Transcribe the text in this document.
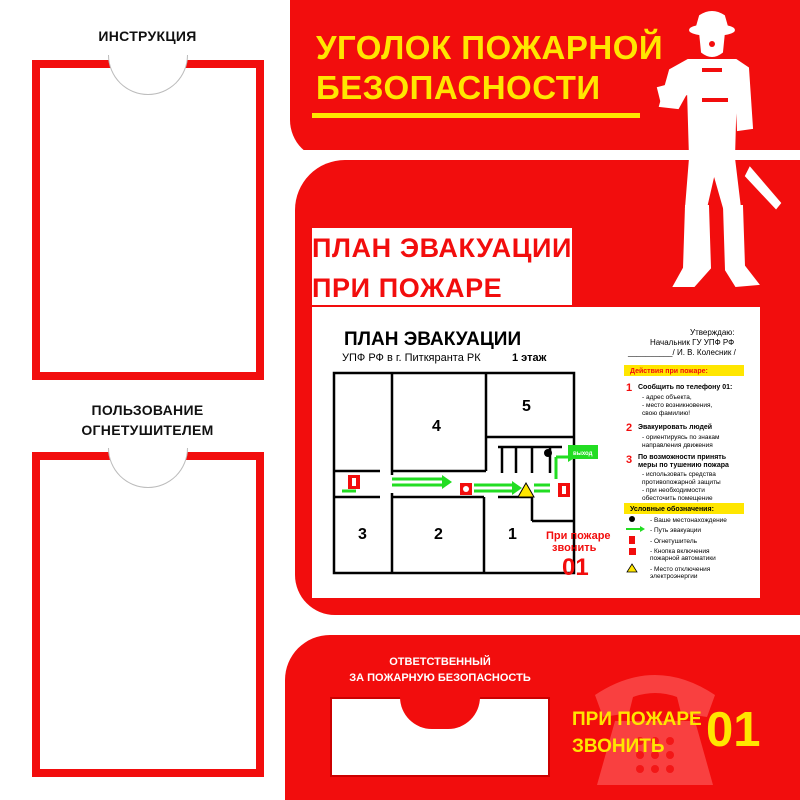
УГОЛОК ПОЖАРНОЙ
БЕЗОПАСНОСТИ
ИНСТРУКЦИЯ
ПОЛЬЗОВАНИЕ
ОГНЕТУШИТЕЛЕМ
ПЛАН ЭВАКУАЦИИ
ПРИ ПОЖАРЕ
ПЛАН ЭВАКУАЦИИ
УПФ РФ в г. Питкяранта РК	1 этаж
Утверждаю:
Начальник ГУ УПФ РФ
__________/ И. В. Колесник /
4
5
3	2	1
выход
При пожаре
звонить
01
Действия при пожаре:
1 Сообщить по телефону 01:
- адрес объекта,
- место возникновения,
свою фамилию!
2 Эвакуировать людей
- ориентируясь по знакам
направления движения
3 По возможности принять
меры по тушению пожара
- использовать средства
противопожарной защиты
- при необходимости
обесточить помещение
Условные обозначения:
- Ваше местонахождение
- Путь эвакуации
- Огнетушитель
- Кнопка включения
пожарной автоматики
- Место отключения
электроэнергии
ОТВЕТСТВЕННЫЙ
ЗА ПОЖАРНУЮ БЕЗОПАСНОСТЬ
ПРИ ПОЖАРЕ
ЗВОНИТЬ 01
